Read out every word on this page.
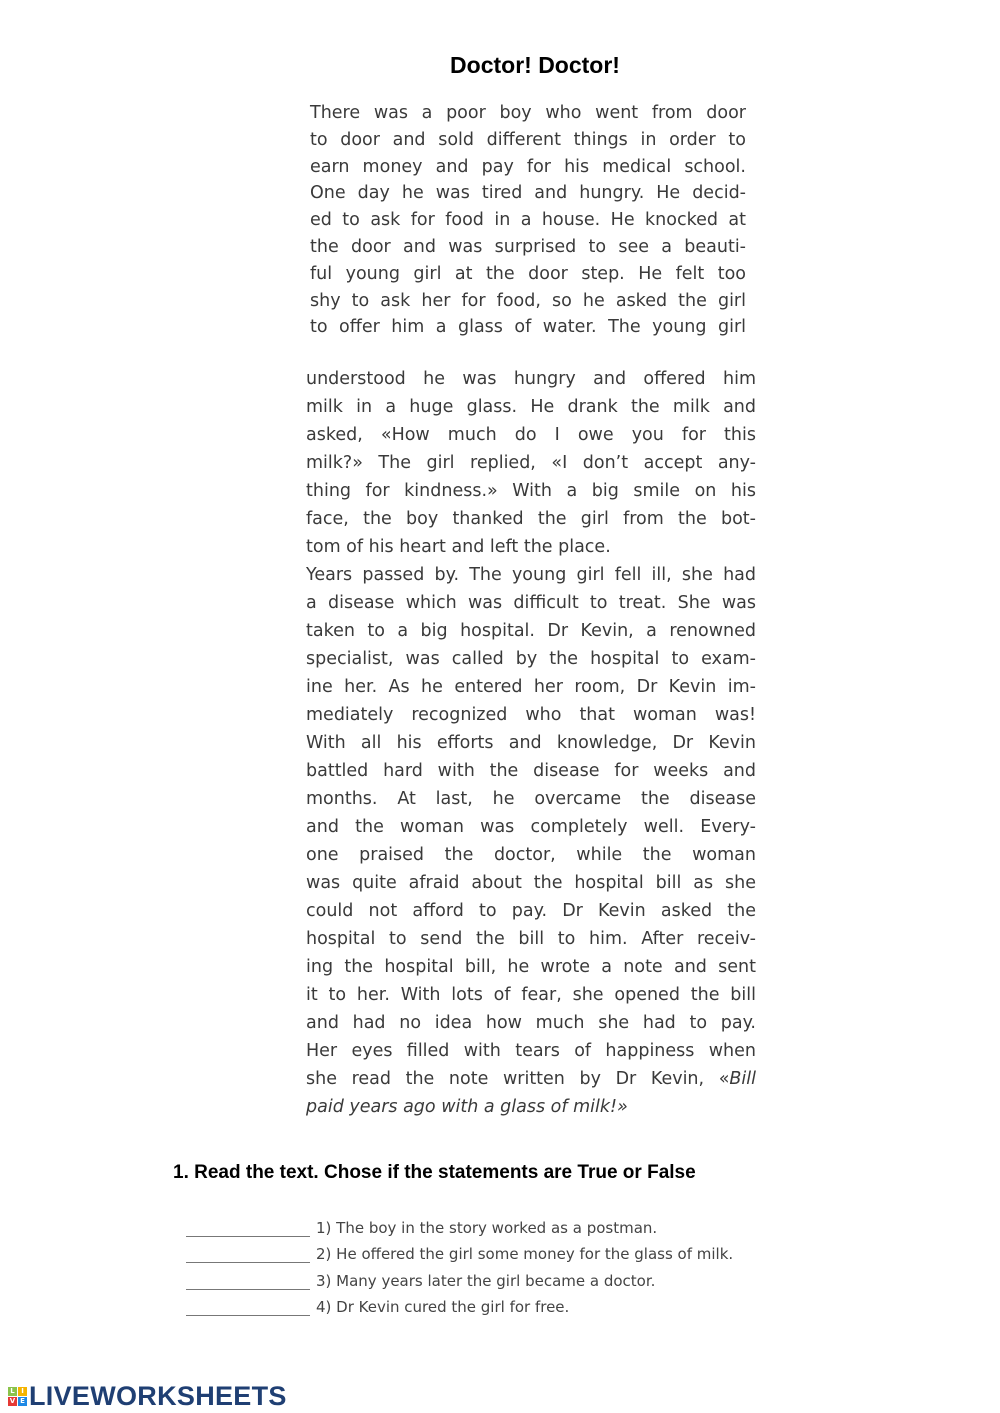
Doctor! Doctor!
There was a poor boy who went from door
to door and sold different things in order to
earn money and pay for his medical school.
One day he was tired and hungry. He decid-
ed to ask for food in a house. He knocked at
the door and was surprised to see a beauti-
ful young girl at the door step. He felt too
shy to ask her for food, so he asked the girl
to offer him a glass of water. The young girl
understood he was hungry and offered him
milk in a huge glass. He drank the milk and
asked, «How much do I owe you for this
milk?» The girl replied, «I don’t accept any-
thing for kindness.» With a big smile on his
face, the boy thanked the girl from the bot-
tom of his heart and left the place.
Years passed by. The young girl fell ill, she had
a disease which was difficult to treat. She was
taken to a big hospital. Dr Kevin, a renowned
specialist, was called by the hospital to exam-
ine her. As he entered her room, Dr Kevin im-
mediately recognized who that woman was!
With all his efforts and knowledge, Dr Kevin
battled hard with the disease for weeks and
months. At last, he overcame the disease
and the woman was completely well. Every-
one praised the doctor, while the woman
was quite afraid about the hospital bill as she
could not afford to pay. Dr Kevin asked the
hospital to send the bill to him. After receiv-
ing the hospital bill, he wrote a note and sent
it to her. With lots of fear, she opened the bill
and had no idea how much she had to pay.
Her eyes filled with tears of happiness when
she read the note written by Dr Kevin, «Bill
paid years ago with a glass of milk!»
1. Read the text. Chose if the statements are True or False
1) The boy in the story worked as a postman.
2) He offered the girl some money for the glass of milk.
3) Many years later the girl became a doctor.
4) Dr Kevin cured the girl for free.
L I
V E LIVEWORKSHEETS
